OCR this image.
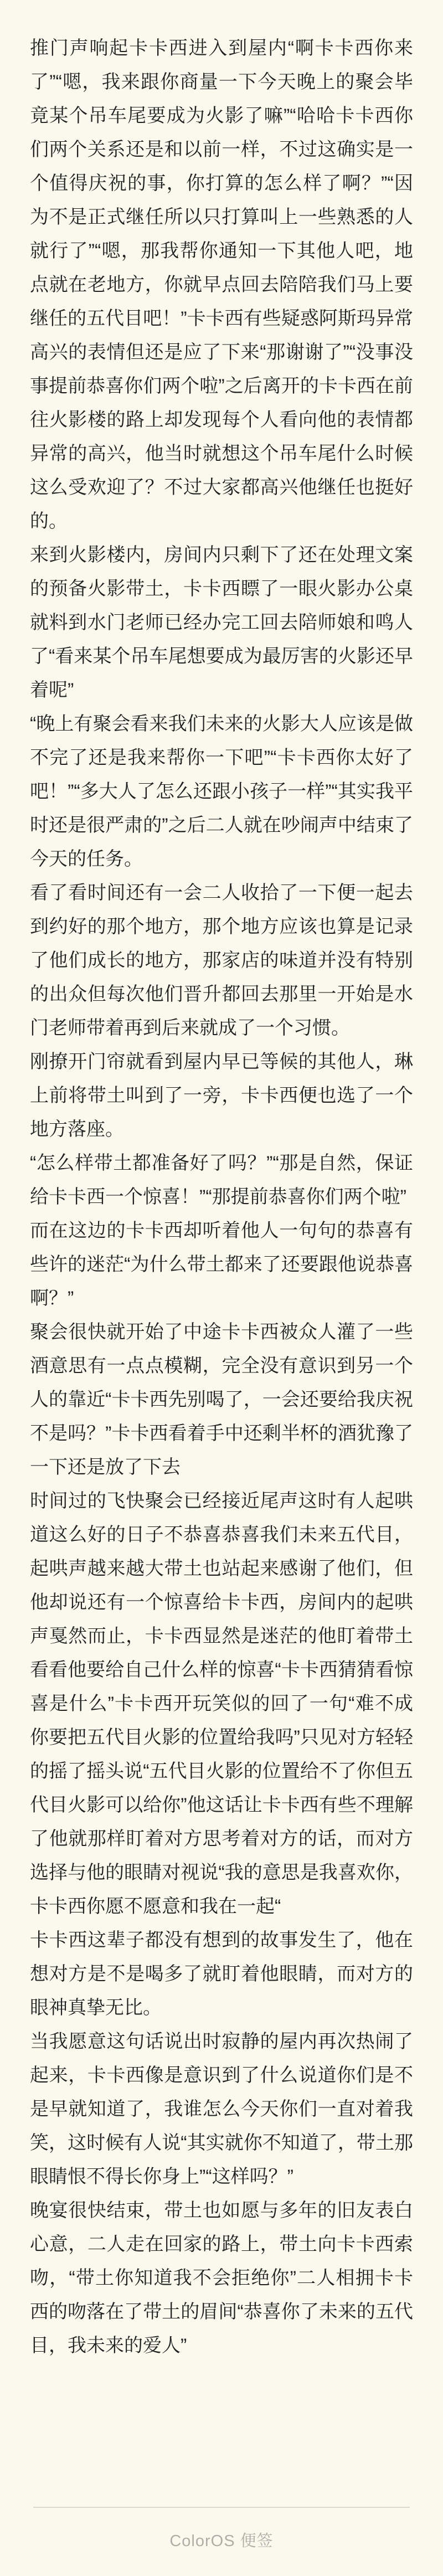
推门声响起卡卡西进入到屋内“啊卡卡西你来了”“嗯，我来跟你商量一下今天晚上的聚会毕竟某个吊车尾要成为火影了嘛”“哈哈卡卡西你们两个关系还是和以前一样，不过这确实是一个值得庆祝的事，你打算的怎么样了啊？”“因为不是正式继任所以只打算叫上一些熟悉的人就行了”“嗯，那我帮你通知一下其他人吧，地点就在老地方，你就早点回去陪陪我们马上要继任的五代目吧！”卡卡西有些疑惑阿斯玛异常高兴的表情但还是应了下来“那谢谢了”“没事没事提前恭喜你们两个啦”之后离开的卡卡西在前往火影楼的路上却发现每个人看向他的表情都异常的高兴，他当时就想这个吊车尾什么时候这么受欢迎了？不过大家都高兴他继任也挺好的。

来到火影楼内，房间内只剩下了还在处理文案的预备火影带土，卡卡西瞟了一眼火影办公桌就料到水门老师已经办完工回去陪师娘和鸣人了“看来某个吊车尾想要成为最厉害的火影还早着呢”

“晚上有聚会看来我们未来的火影大人应该是做不完了还是我来帮你一下吧”“卡卡西你太好了吧！”“多大人了怎么还跟小孩子一样”“其实我平时还是很严肃的”之后二人就在吵闹声中结束了今天的任务。

看了看时间还有一会二人收拾了一下便一起去到约好的那个地方，那个地方应该也算是记录了他们成长的地方，那家店的味道并没有特别的出众但每次他们晋升都回去那里一开始是水门老师带着再到后来就成了一个习惯。

刚撩开门帘就看到屋内早已等候的其他人，琳上前将带土叫到了一旁，卡卡西便也选了一个地方落座。

“怎么样带土都准备好了吗？”“那是自然，保证给卡卡西一个惊喜！”“那提前恭喜你们两个啦”

而在这边的卡卡西却听着他人一句句的恭喜有些许的迷茫“为什么带土都来了还要跟他说恭喜啊？”

聚会很快就开始了中途卡卡西被众人灌了一些酒意思有一点点模糊，完全没有意识到另一个人的靠近“卡卡西先别喝了，一会还要给我庆祝不是吗？”卡卡西看着手中还剩半杯的酒犹豫了一下还是放了下去

时间过的飞快聚会已经接近尾声这时有人起哄道这么好的日子不恭喜恭喜我们未来五代目，起哄声越来越大带土也站起来感谢了他们，但他却说还有一个惊喜给卡卡西，房间内的起哄声戛然而止，卡卡西显然是迷茫的他盯着带土看看他要给自己什么样的惊喜“卡卡西猜猜看惊喜是什么”卡卡西开玩笑似的回了一句“难不成你要把五代目火影的位置给我吗”只见对方轻轻的摇了摇头说“五代目火影的位置给不了你但五代目火影可以给你”他这话让卡卡西有些不理解了他就那样盯着对方思考着对方的话，而对方选择与他的眼睛对视说“我的意思是我喜欢你，卡卡西你愿不愿意和我在一起“

卡卡西这辈子都没有想到的故事发生了，他在想对方是不是喝多了就盯着他眼睛，而对方的眼神真挚无比。

当我愿意这句话说出时寂静的屋内再次热闹了起来，卡卡西像是意识到了什么说道你们是不是早就知道了，我谁怎么今天你们一直对着我笑，这时候有人说“其实就你不知道了，带土那眼睛恨不得长你身上”“这样吗？”

晚宴很快结束，带土也如愿与多年的旧友表白心意，二人走在回家的路上，带土向卡卡西索吻，“带土你知道我不会拒绝你”二人相拥卡卡西的吻落在了带土的眉间“恭喜你了未来的五代目，我未来的爱人”

ColorOS 便签
